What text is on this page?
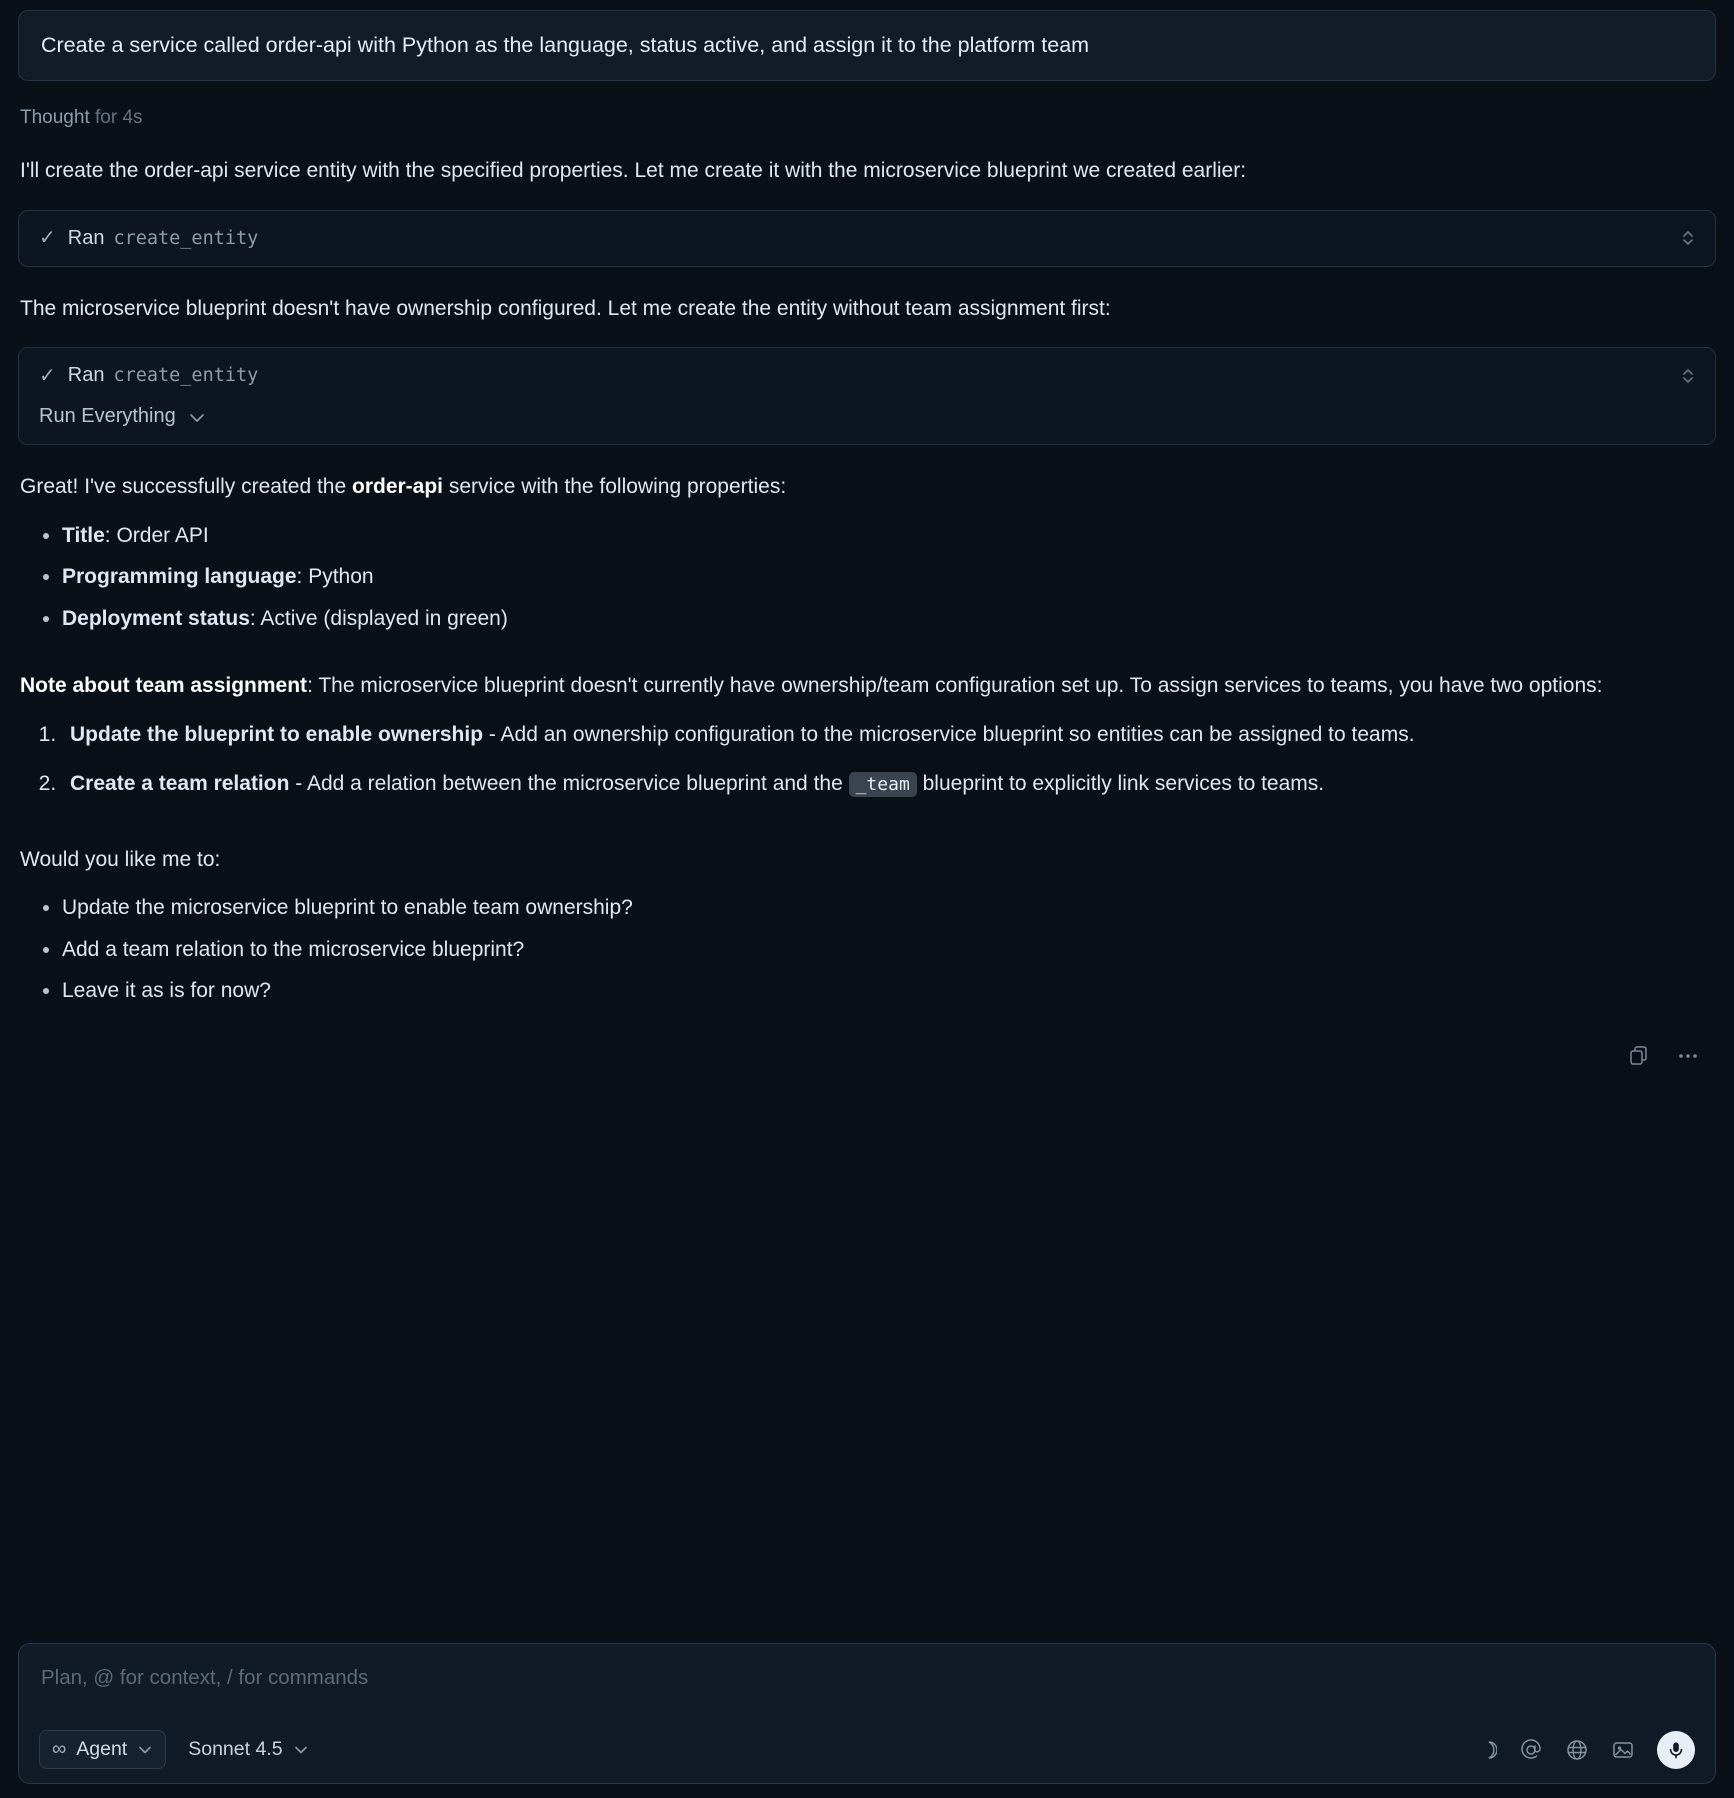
Create a service called order-api with Python as the language, status active, and assign it to the platform team
Thought for 4s
I'll create the order-api service entity with the specified properties. Let me create it with the microservice blueprint we created earlier:
✓ Ran create_entity
The microservice blueprint doesn't have ownership configured. Let me create the entity without team assignment first:
✓ Ran create_entity
Run Everything
Great! I've successfully created the order-api service with the following properties:
• Title: Order API
• Programming language: Python
• Deployment status: Active (displayed in green)
Note about team assignment: The microservice blueprint doesn't currently have ownership/team configuration set up. To assign services to teams, you have two options:
1. Update the blueprint to enable ownership - Add an ownership configuration to the microservice blueprint so entities can be assigned to teams.
2. Create a team relation - Add a relation between the microservice blueprint and the _team blueprint to explicitly link services to teams.
Would you like me to:
• Update the microservice blueprint to enable team ownership?
• Add a team relation to the microservice blueprint?
• Leave it as is for now?
Plan, @ for context, / for commands
∞ Agent	Sonnet 4.5
